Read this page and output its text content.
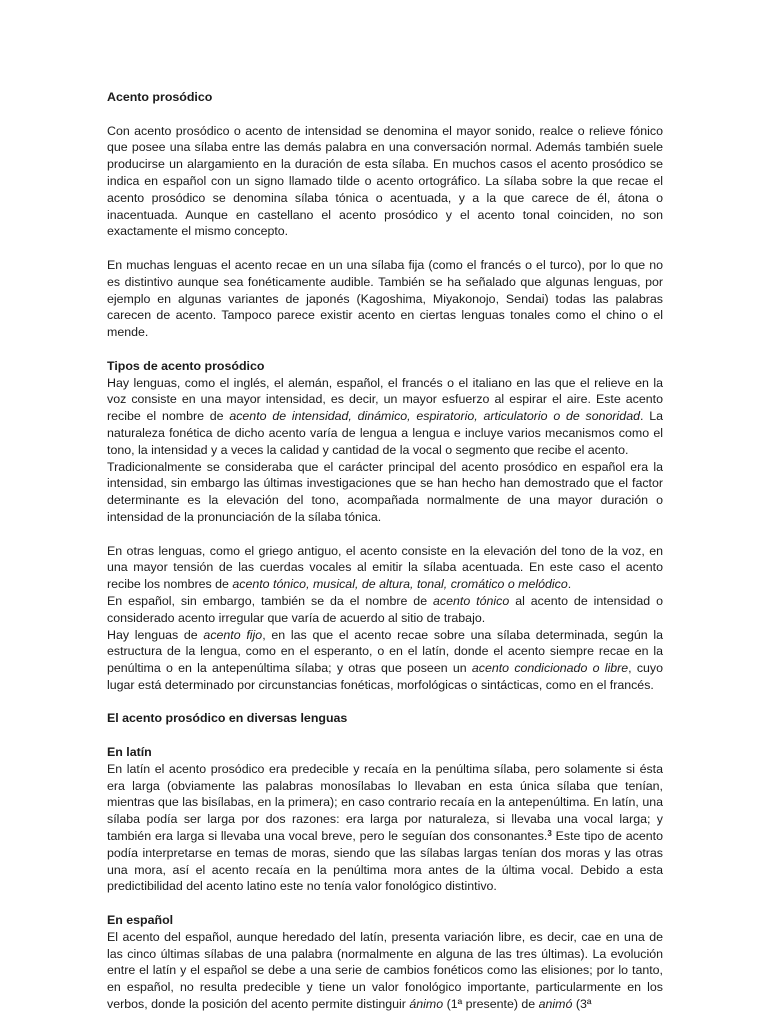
Acento prosódico

Con acento prosódico o acento de intensidad se denomina el mayor sonido, realce o relieve fónico que posee una sílaba entre las demás palabra en una conversación normal. Además también suele producirse un alargamiento en la duración de esta sílaba. En muchos casos el acento prosódico se indica en español con un signo llamado tilde o acento ortográfico. La sílaba sobre la que recae el acento prosódico se denomina sílaba tónica o acentuada, y a la que carece de él, átona o inacentuada. Aunque en castellano el acento prosódico y el acento tonal coinciden, no son exactamente el mismo concepto.

En muchas lenguas el acento recae en un una sílaba fija (como el francés o el turco), por lo que no es distintivo aunque sea fonéticamente audible. También se ha señalado que algunas lenguas, por ejemplo en algunas variantes de japonés (Kagoshima, Miyakonojo, Sendai) todas las palabras carecen de acento. Tampoco parece existir acento en ciertas lenguas tonales como el chino o el mende.

Tipos de acento prosódico

Hay lenguas, como el inglés, el alemán, español, el francés o el italiano en las que el relieve en la voz consiste en una mayor intensidad, es decir, un mayor esfuerzo al espirar el aire. Este acento recibe el nombre de acento de intensidad, dinámico, espiratorio, articulatorio o de sonoridad. La naturaleza fonética de dicho acento varía de lengua a lengua e incluye varios mecanismos como el tono, la intensidad y a veces la calidad y cantidad de la vocal o segmento que recibe el acento.

Tradicionalmente se consideraba que el carácter principal del acento prosódico en español era la intensidad, sin embargo las últimas investigaciones que se han hecho han demostrado que el factor determinante es la elevación del tono, acompañada normalmente de una mayor duración o intensidad de la pronunciación de la sílaba tónica.

En otras lenguas, como el griego antiguo, el acento consiste en la elevación del tono de la voz, en una mayor tensión de las cuerdas vocales al emitir la sílaba acentuada. En este caso el acento recibe los nombres de acento tónico, musical, de altura, tonal, cromático o melódico.

En español, sin embargo, también se da el nombre de acento tónico al acento de intensidad o considerado acento irregular que varía de acuerdo al sitio de trabajo.

Hay lenguas de acento fijo, en las que el acento recae sobre una sílaba determinada, según la estructura de la lengua, como en el esperanto, o en el latín, donde el acento siempre recae en la penúltima o en la antepenúltima sílaba; y otras que poseen un acento condicionado o libre, cuyo lugar está determinado por circunstancias fonéticas, morfológicas o sintácticas, como en el francés.

El acento prosódico en diversas lenguas
En latín

En latín el acento prosódico era predecible y recaía en la penúltima sílaba, pero solamente si ésta era larga (obviamente las palabras monosílabas lo llevaban en esta única sílaba que tenían, mientras que las bisílabas, en la primera); en caso contrario recaía en la antepenúltima. En latín, una sílaba podía ser larga por dos razones: era larga por naturaleza, si llevaba una vocal larga; y también era larga si llevaba una vocal breve, pero le seguían dos consonantes.$^3$ Este tipo de acento podía interpretarse en temas de moras, siendo que las sílabas largas tenían dos moras y las otras una mora, así el acento recaía en la penúltima mora antes de la última vocal. Debido a esta predictibilidad del acento latino este no tenía valor fonológico distintivo.

En español

El acento del español, aunque heredado del latín, presenta variación libre, es decir, cae en una de las cinco últimas sílabas de una palabra (normalmente en alguna de las tres últimas). La evolución entre el latín y el español se debe a una serie de cambios fonéticos como las elisiones; por lo tanto, en español, no resulta predecible y tiene un valor fonológico importante, particularmente en los verbos, donde la posición del acento permite distinguir ánimo (1ª presente) de animó (3ª
